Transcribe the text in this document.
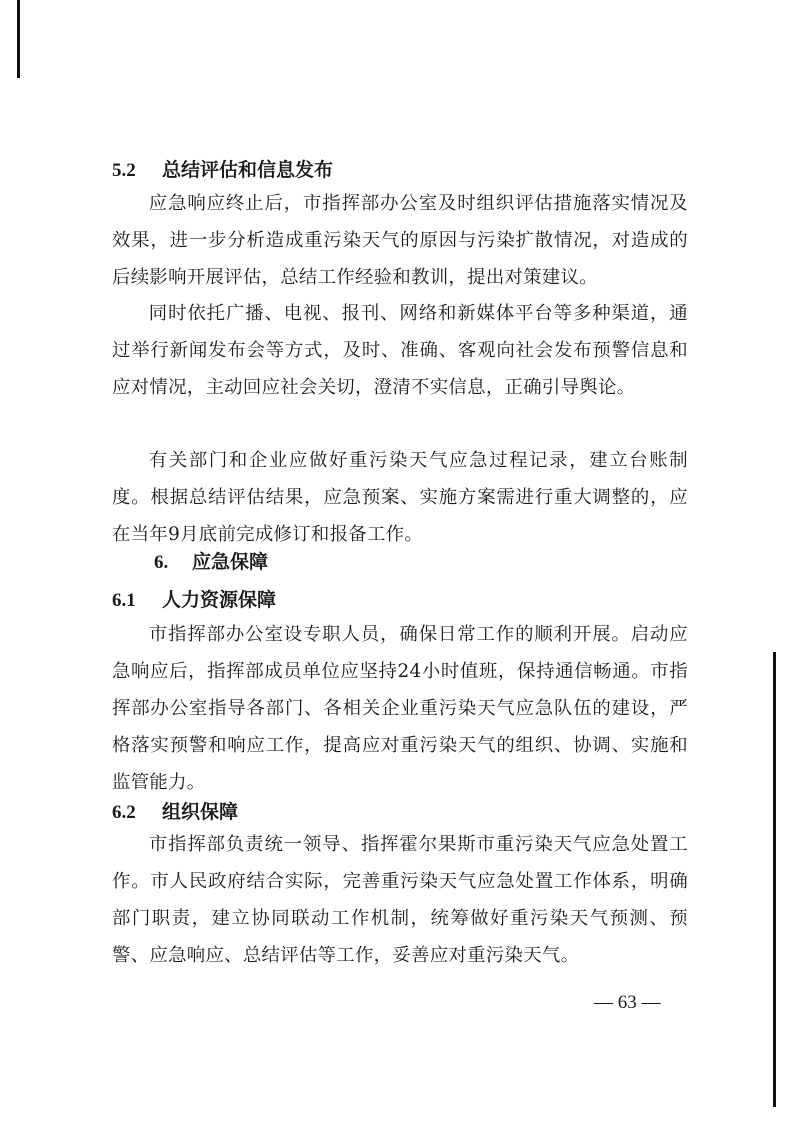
5.2 总结评估和信息发布

应急响应终止后，市指挥部办公室及时组织评估措施落实情况及效果，进一步分析造成重污染天气的原因与污染扩散情况，对造成的后续影响开展评估，总结工作经验和教训，提出对策建议。

同时依托广播、电视、报刊、网络和新媒体平台等多种渠道，通过举行新闻发布会等方式，及时、准确、客观向社会发布预警信息和应对情况，主动回应社会关切，澄清不实信息，正确引导舆论。

有关部门和企业应做好重污染天气应急过程记录，建立台账制度。根据总结评估结果，应急预案、实施方案需进行重大调整的，应在当年9月底前完成修订和报备工作。

6. 应急保障
6.1 人力资源保障

市指挥部办公室设专职人员，确保日常工作的顺利开展。启动应急响应后，指挥部成员单位应坚持24小时值班，保持通信畅通。市指挥部办公室指导各部门、各相关企业重污染天气应急队伍的建设，严格落实预警和响应工作，提高应对重污染天气的组织、协调、实施和监管能力。

6.2 组织保障

市指挥部负责统一领导、指挥霍尔果斯市重污染天气应急处置工作。市人民政府结合实际，完善重污染天气应急处置工作体系，明确部门职责，建立协同联动工作机制，统筹做好重污染天气预测、预警、应急响应、总结评估等工作，妥善应对重污染天气。

— 63 —
